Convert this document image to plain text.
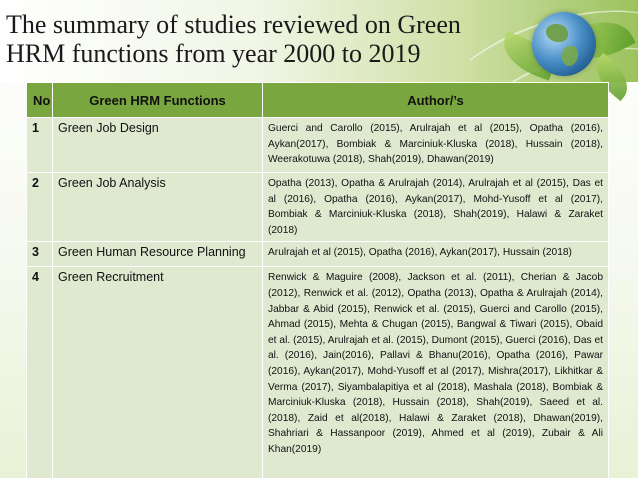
The summary of studies reviewed on Green HRM functions from year 2000 to 2019
No	Green HRM Functions	Author/’s
1	Green Job Design	Guerci and Carollo (2015), Arulrajah et al (2015), Opatha (2016), Aykan(2017), Bombiak & Marciniuk-Kluska (2018), Hussain (2018), Weerakotuwa (2018), Shah(2019), Dhawan(2019)
2	Green Job Analysis	Opatha (2013), Opatha & Arulrajah (2014), Arulrajah et al (2015), Das et al (2016), Opatha (2016), Aykan(2017), Mohd-Yusoff et al (2017), Bombiak & Marciniuk-Kluska (2018), Shah(2019), Halawi & Zaraket (2018)
3	Green Human Resource Planning	Arulrajah et al (2015), Opatha (2016), Aykan(2017), Hussain (2018)
4	Green Recruitment	Renwick & Maguire (2008), Jackson et al. (2011), Cherian & Jacob (2012), Renwick et al. (2012), Opatha (2013), Opatha & Arulrajah (2014), Jabbar & Abid (2015), Renwick et al. (2015), Guerci and Carollo (2015), Ahmad (2015), Mehta & Chugan (2015), Bangwal & Tiwari (2015), Obaid et al. (2015), Arulrajah et al. (2015), Dumont (2015), Guerci (2016), Das et al. (2016), Jain(2016), Pallavi & Bhanu(2016), Opatha (2016), Pawar (2016), Aykan(2017), Mohd-Yusoff et al (2017), Mishra(2017), Likhitkar & Verma (2017), Siyambalapitiya et al (2018), Mashala (2018), Bombiak & Marciniuk-Kluska (2018), Hussain (2018), Shah(2019), Saeed et al. (2018), Zaid et al(2018), Halawi & Zaraket (2018), Dhawan(2019), Shahriari & Hassanpoor (2019), Ahmed et al (2019), Zubair & Ali Khan(2019)
